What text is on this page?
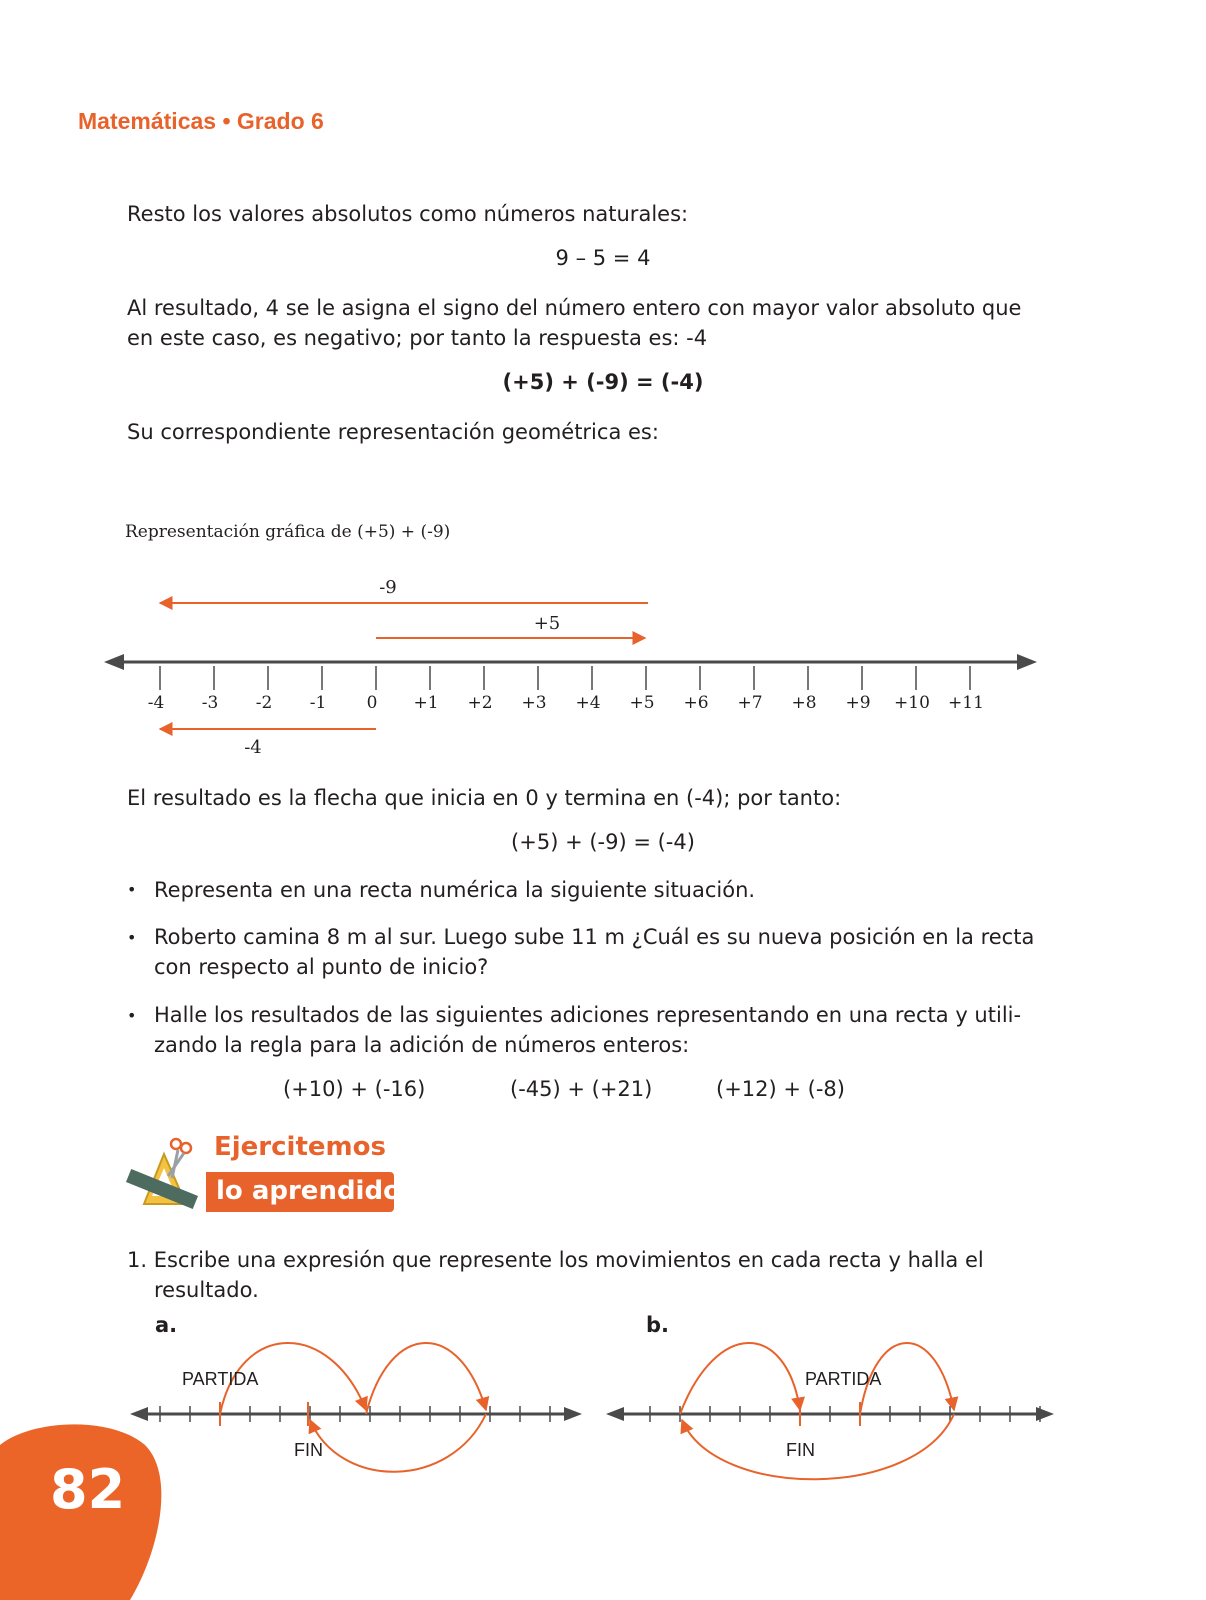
Matemáticas • Grado 6
Resto los valores absolutos como números naturales:
9 – 5 = 4
Al resultado, 4 se le asigna el signo del número entero con mayor valor absoluto que
en este caso, es negativo; por tanto la respuesta es: -4
(+5) + (-9) = (-4)
Su correspondiente representación geométrica es:
Representación gráfica de (+5) + (-9)
-9
+5
-4 -3 -2 -1 0 +1 +2 +3 +4 +5 +6 +7 +8 +9 +10 +11
-4
El resultado es la flecha que inicia en 0 y termina en (-4); por tanto:
(+5) + (-9) = (-4)
• Representa en una recta numérica la siguiente situación.
• Roberto camina 8 m al sur. Luego sube 11 m ¿Cuál es su nueva posición en la recta
con respecto al punto de inicio?
• Halle los resultados de las siguientes adiciones representando en una recta y utili-
zando la regla para la adición de números enteros:
(+10) + (-16)	(-45) + (+21)	(+12) + (-8)
Ejercitemos
lo aprendido
1. Escribe una expresión que represente los movimientos en cada recta y halla el
resultado.
a.	b.
PARTIDA
FIN
PARTIDA
FIN
82
